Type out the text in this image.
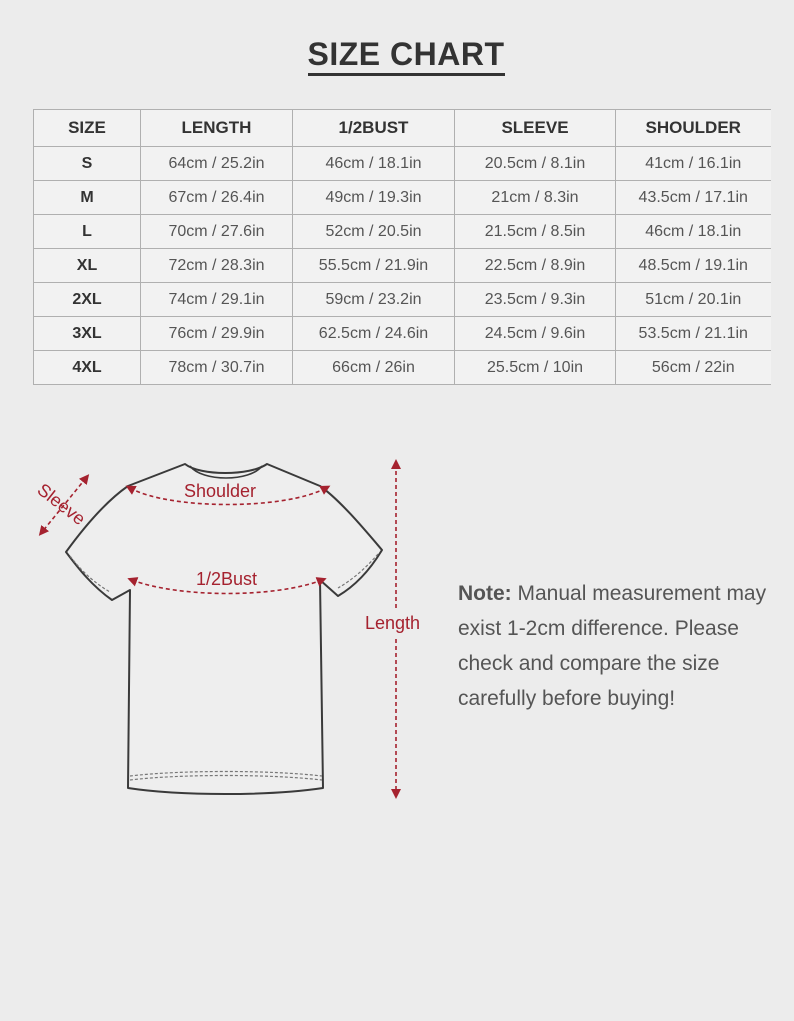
SIZE CHART
SIZE	LENGTH	1/2BUST	SLEEVE	SHOULDER
S	64cm / 25.2in	46cm / 18.1in	20.5cm / 8.1in	41cm / 16.1in
M	67cm / 26.4in	49cm / 19.3in	21cm / 8.3in	43.5cm / 17.1in
L	70cm / 27.6in	52cm / 20.5in	21.5cm / 8.5in	46cm / 18.1in
XL	72cm / 28.3in	55.5cm / 21.9in	22.5cm / 8.9in	48.5cm / 19.1in
2XL	74cm / 29.1in	59cm / 23.2in	23.5cm / 9.3in	51cm / 20.1in
3XL	76cm / 29.9in	62.5cm / 24.6in	24.5cm / 9.6in	53.5cm / 21.1in
4XL	78cm / 30.7in	66cm / 26in	25.5cm / 10in	56cm / 22in
Sleeve	Shoulder
1/2Bust
Length
Note: Manual measurement may exist 1-2cm difference. Please check and compare the size carefully before buying!
